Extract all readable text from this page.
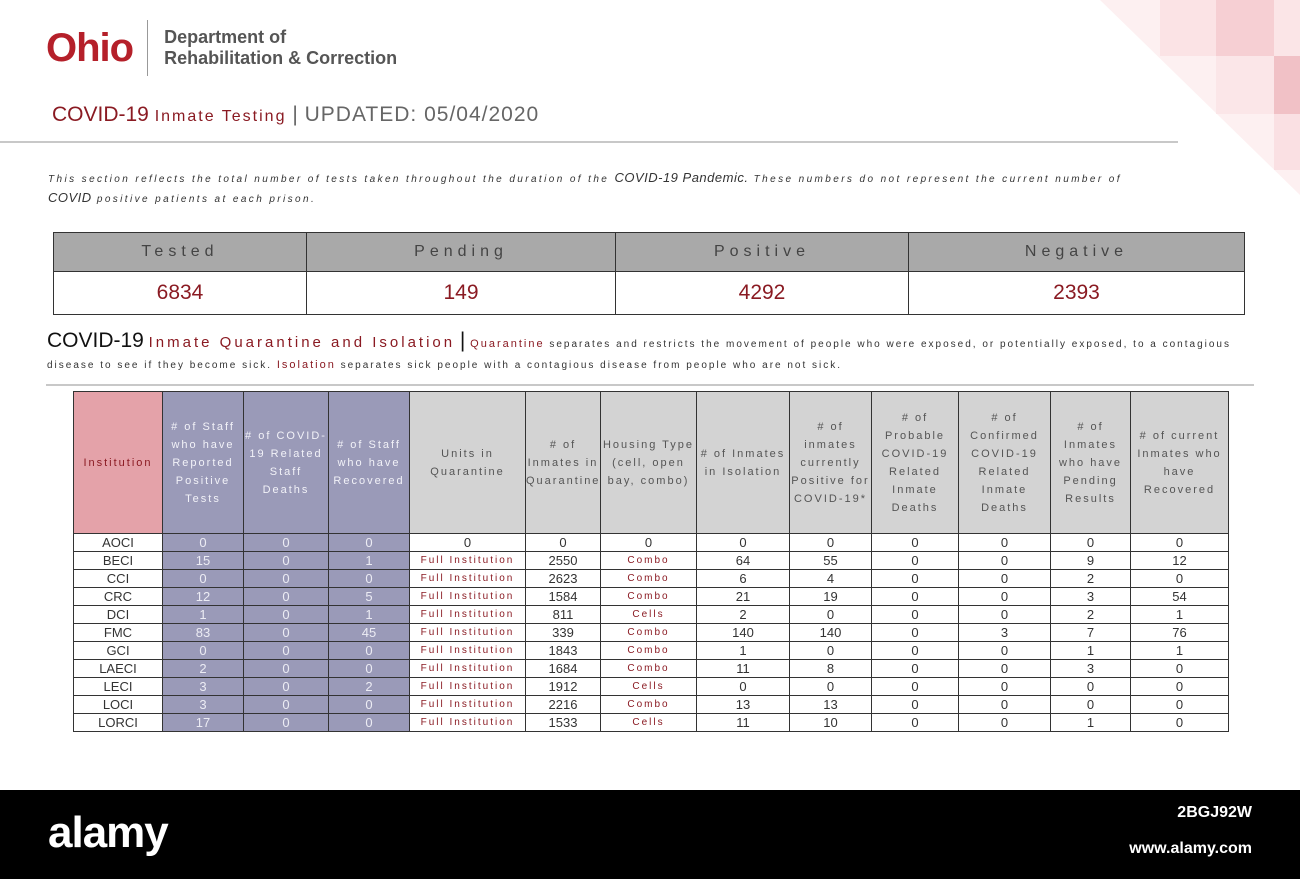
Ohio Department of
Rehabilitation & Correction
COVID-19 Inmate Testing | UPDATED: 05/04/2020
This section reflects the total number of tests taken throughout the duration of the COVID-19 Pandemic. These numbers do not represent the current number of COVID positive patients at each prison.
Tested	Pending	Positive	Negative
6834	149	4292	2393
COVID-19 Inmate Quarantine and Isolation | Quarantine separates and restricts the movement of people who were exposed, or potentially exposed, to a contagious disease to see if they become sick. Isolation separates sick people with a contagious disease from people who are not sick.
Institution	# of Staff who have Reported Positive Tests	# of COVID-19 Related Staff Deaths	# of Staff who have Recovered	Units in Quarantine	# of Inmates in Quarantine	Housing Type (cell, open bay, combo)	# of Inmates in Isolation	# of inmates currently Positive for COVID-19*	# of Probable COVID-19 Related Inmate Deaths	# of Confirmed COVID-19 Related Inmate Deaths	# of Inmates who have Pending Results	# of current Inmates who have Recovered
AOCI	0	0	0	0	0	0	0	0	0	0	0	0
BECI	15	0	1	Full Institution	2550	Combo	64	55	0	0	9	12
CCI	0	0	0	Full Institution	2623	Combo	6	4	0	0	2	0
CRC	12	0	5	Full Institution	1584	Combo	21	19	0	0	3	54
DCI	1	0	1	Full Institution	811	Cells	2	0	0	0	2	1
FMC	83	0	45	Full Institution	339	Combo	140	140	0	3	7	76
GCI	0	0	0	Full Institution	1843	Combo	1	0	0	0	1	1
LAECI	2	0	0	Full Institution	1684	Combo	11	8	0	0	3	0
LECI	3	0	2	Full Institution	1912	Cells	0	0	0	0	0	0
LOCI	3	0	0	Full Institution	2216	Combo	13	13	0	0	0	0
LORCI	17	0	0	Full Institution	1533	Cells	11	10	0	0	1	0
alamy	2BGJ92W
www.alamy.com
